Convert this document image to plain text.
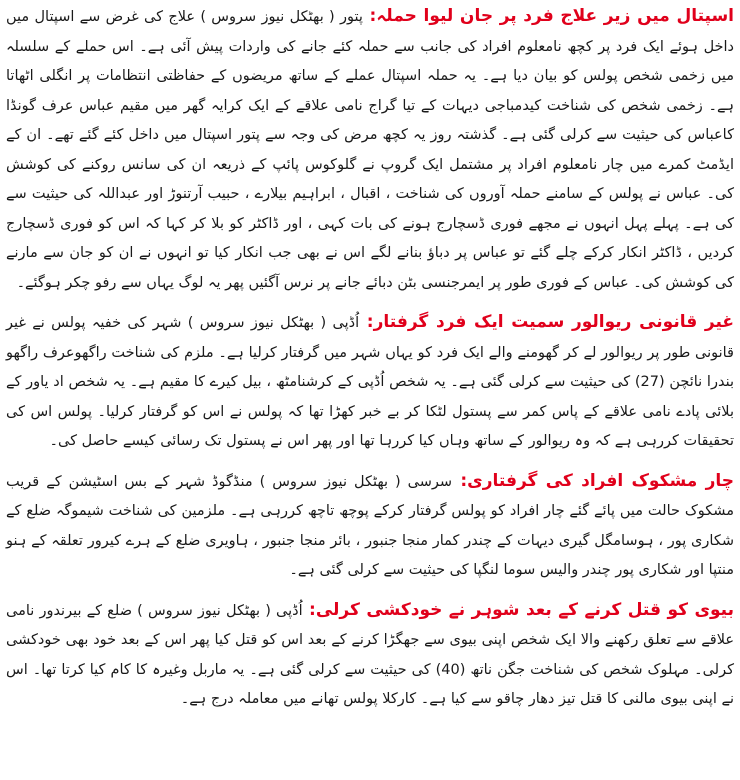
اسپتال میں زیر علاج فرد پر جان لیوا حملہ: پتور ( بھٹکل نیوز سروس ) علاج کی غرض سے اسپتال میں داخل ہوئے ایک فرد پر کچھ نامعلوم افراد کی جانب سے حملہ کئے جانے کی واردات پیش آئی ہے۔ اس حملے کے سلسلہ میں زخمی شخص پولس کو بیان دیا ہے۔ یہ حملہ اسپتال عملے کے ساتھ مریضوں کے حفاظتی انتظامات پر انگلی اٹھاتا ہے۔ زخمی شخص کی شناخت کیدمباجی دیہات کے تیا گراج نامی علاقے کے ایک کرایہ گھر میں مقیم عباس عرف گونڈا کاعباس کی حیثیت سے کرلی گئی ہے۔ گذشتہ روز یہ کچھ مرض کی وجہ سے پتور اسپتال میں داخل کئے گئے تھے۔ ان کے ایڈمٹ کمرے میں چار نامعلوم افراد پر مشتمل ایک گروپ نے گلوکوس پائپ کے ذریعہ ان کی سانس روکنے کی کوشش کی۔ عباس نے پولس کے سامنے حملہ آوروں کی شناخت ، اقبال ، ابراہیم بیلارے ، حبیب آرتنوڑ اور عبداللہ کی حیثیت سے کی ہے۔ پہلے پہل انہوں نے مجھے فوری ڈسچارج ہونے کی بات کہی ، اور ڈاکٹر کو بلا کر کہا کہ اس کو فوری ڈسچارج کردیں ، ڈاکٹر انکار کرکے چلے گئے تو عباس پر دباؤ بنانے لگے اس نے بھی جب انکار کیا تو انہوں نے ان کو جان سے مارنے کی کوشش کی۔ عباس کے فوری طور پر ایمرجنسی بٹن دبائے جانے پر نرس آگئیں پھر یہ لوگ یہاں سے رفو چکر ہوگئے۔

غیر قانونی ریوالور سمیت ایک فرد گرفتار: اُڈپی ( بھٹکل نیوز سروس ) شہر کی خفیہ پولس نے غیر قانونی طور پر ریوالور لے کر گھومنے والے ایک فرد کو یہاں شہر میں گرفتار کرلیا ہے۔ ملزم کی شناخت راگھوعرف راگھو بندرا نائچن (27) کی حیثیت سے کرلی گئی ہے۔ یہ شخص اُڈپی کے کرشنامٹھ ، بیل کیرے کا مقیم ہے۔ یہ شخص اد یاور کے بلائی پادے نامی علاقے کے پاس کمر سے پستول لٹکا کر بے خبر کھڑا تھا کہ پولس نے اس کو گرفتار کرلیا۔ پولس اس کی تحقیقات کررہی ہے کہ وہ ریوالور کے ساتھ وہاں کیا کررہا تھا اور پھر اس نے پستول تک رسائی کیسے حاصل کی۔

چار مشکوک افراد کی گرفتاری: سرسی ( بھٹکل نیوز سروس ) منڈگوڈ شہر کے بس اسٹیشن کے قریب مشکوک حالت میں پائے گئے چار افراد کو پولس گرفتار کرکے پوچھ تاچھ کررہی ہے۔ ملزمین کی شناخت شیموگہ ضلع کے شکاری پور ، ہوسامگل گیری دیہات کے چندر کمار منجا جنبور ، بائر منجا جنبور ، ہاویری ضلع کے ہرے کیرور تعلقہ کے ہنو منتپا اور شکاری پور چندر والیس سوما لنگپا کی حیثیت سے کرلی گئی ہے۔

بیوی کو قتل کرنے کے بعد شوہر نے خودکشی کرلی: اُڈپی ( بھٹکل نیوز سروس ) ضلع کے بیرندور نامی علاقے سے تعلق رکھنے والا ایک شخص اپنی بیوی سے جھگڑا کرنے کے بعد اس کو قتل کیا پھر اس کے بعد خود بھی خودکشی کرلی۔ مہلوک شخص کی شناخت جگن ناتھ (40) کی حیثیت سے کرلی گئی ہے۔ یہ ماربل وغیرہ کا کام کیا کرتا تھا۔ اس نے اپنی بیوی مالنی کا قتل تیز دھار چاقو سے کیا ہے۔ کارکلا پولس تھانے میں معاملہ درج ہے۔
